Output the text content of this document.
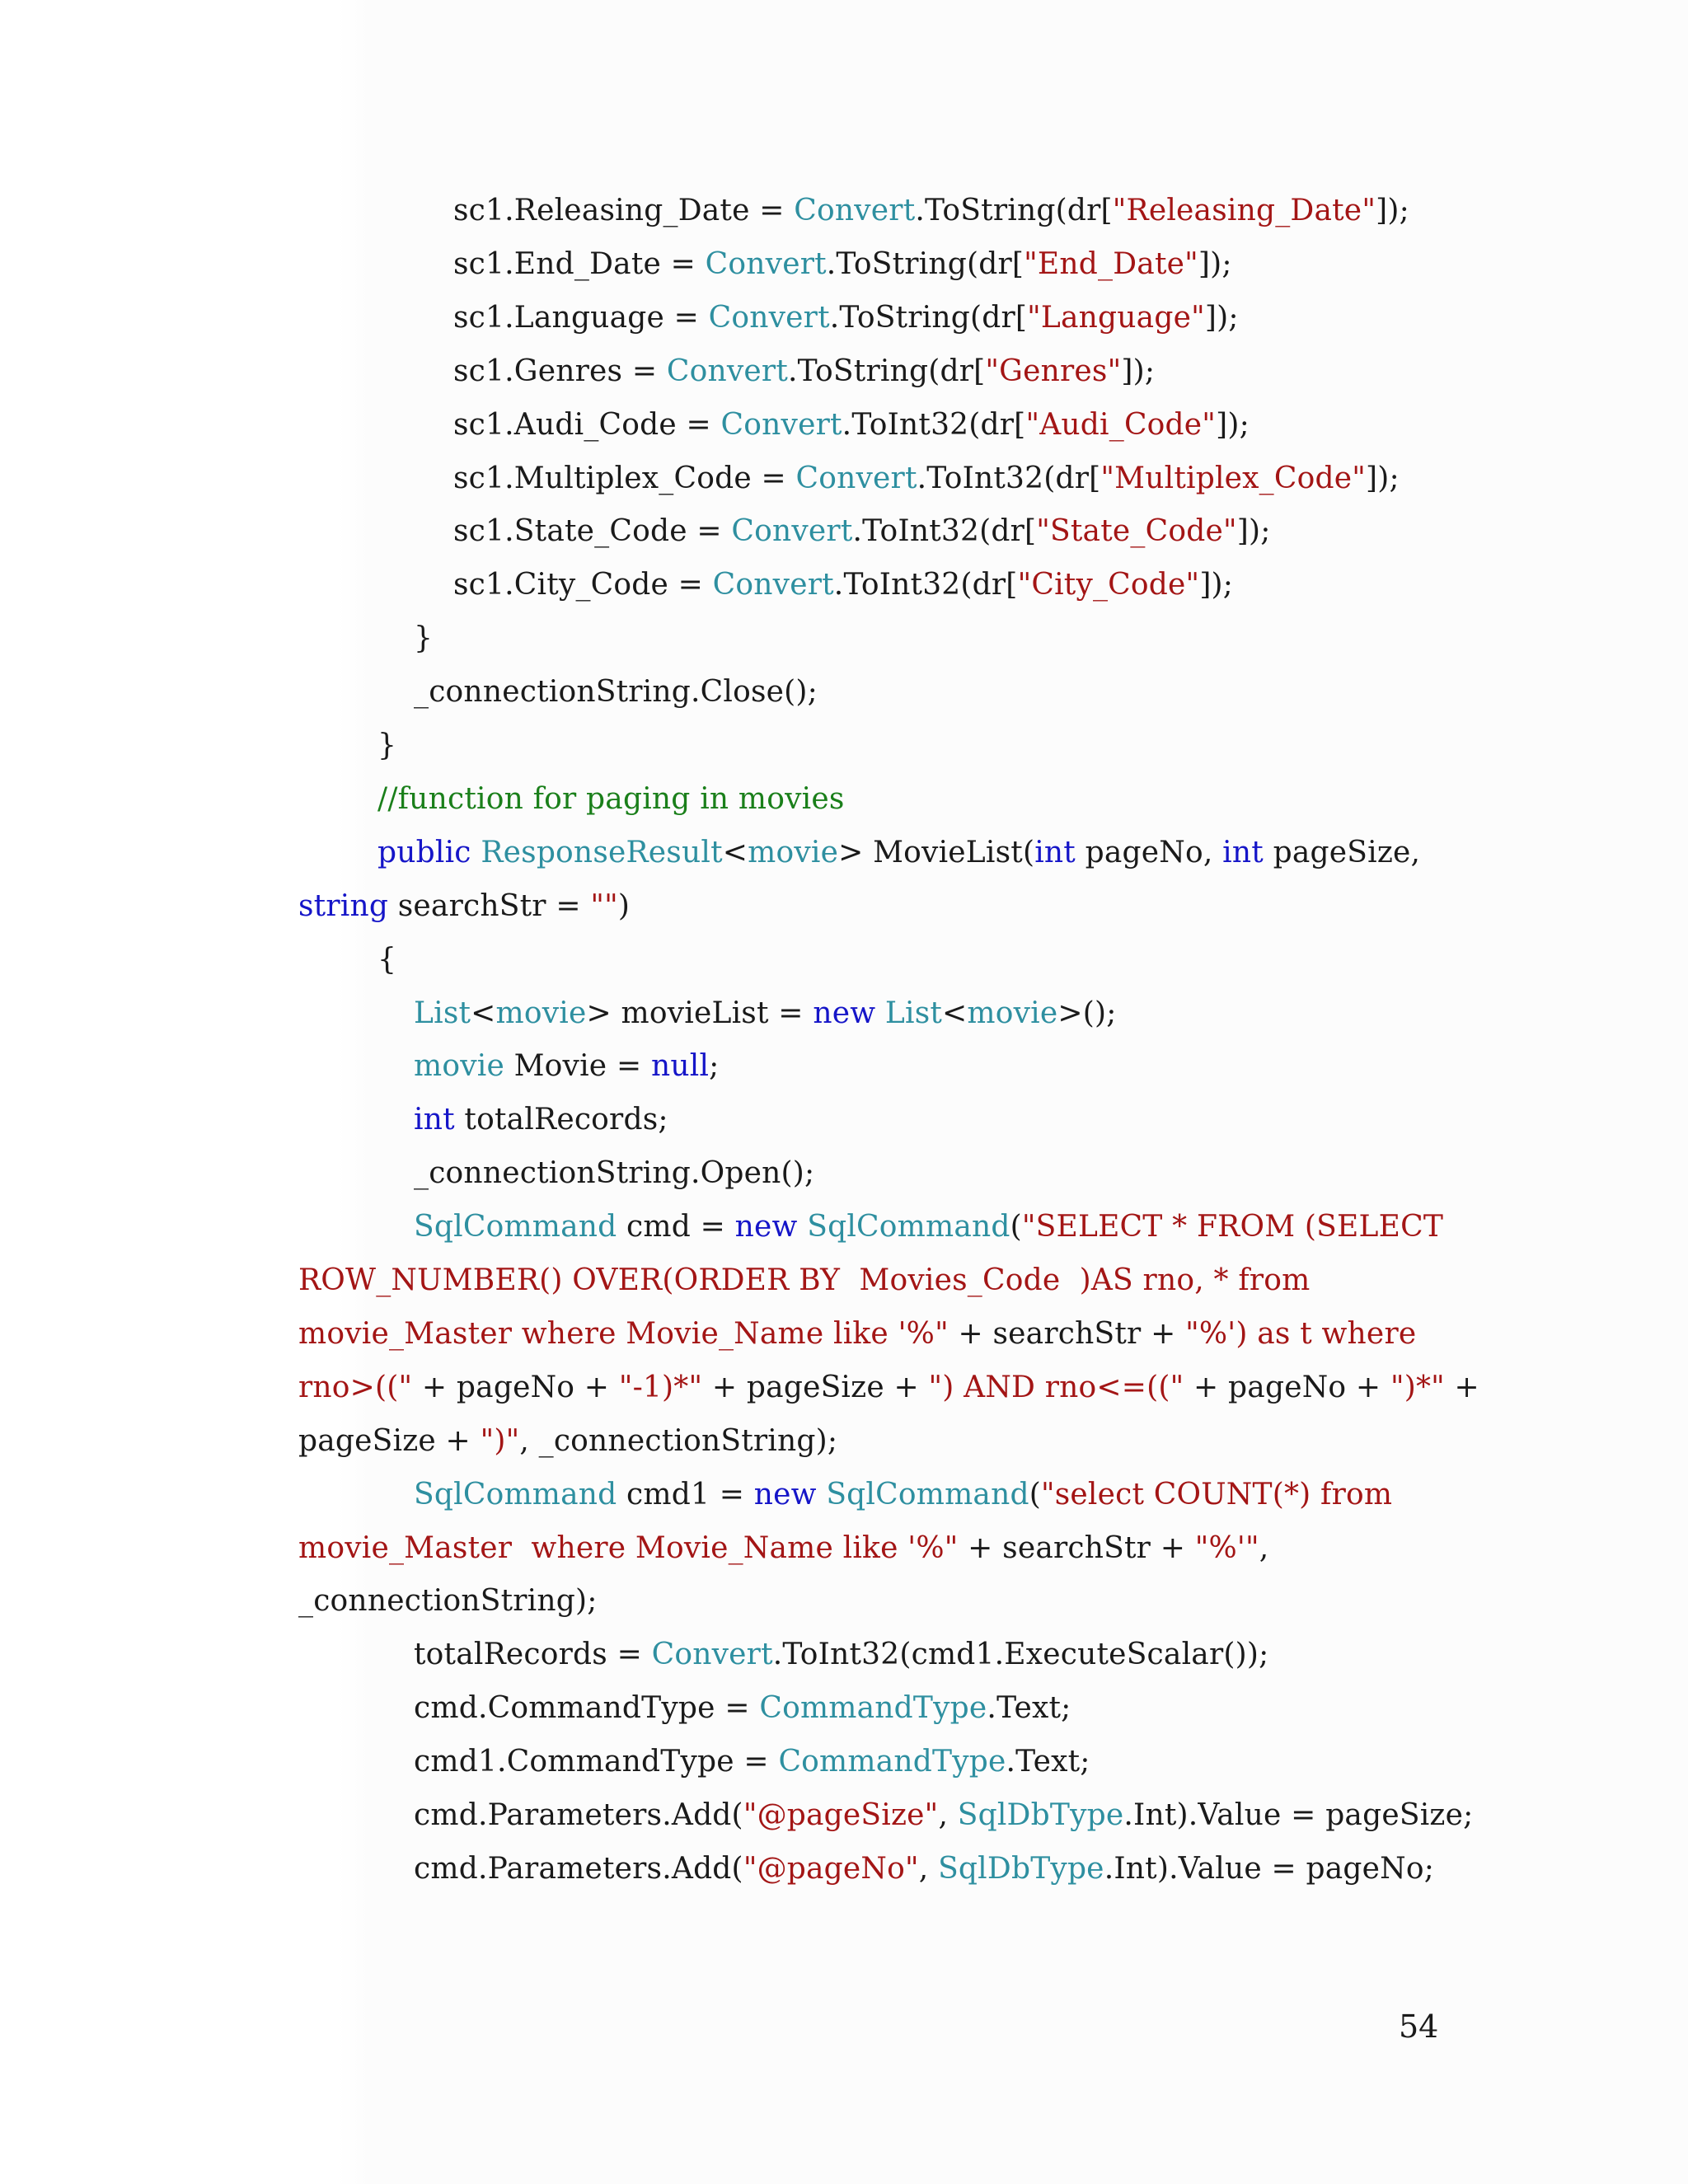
sc1.Releasing_Date = Convert.ToString(dr["Releasing_Date"]);
sc1.End_Date = Convert.ToString(dr["End_Date"]);
sc1.Language = Convert.ToString(dr["Language"]);
sc1.Genres = Convert.ToString(dr["Genres"]);
sc1.Audi_Code = Convert.ToInt32(dr["Audi_Code"]);
sc1.Multiplex_Code = Convert.ToInt32(dr["Multiplex_Code"]);
sc1.State_Code = Convert.ToInt32(dr["State_Code"]);
sc1.City_Code = Convert.ToInt32(dr["City_Code"]);
}
_connectionString.Close();
}
//function for paging in movies
public ResponseResult<movie> MovieList(int pageNo, int pageSize,
string searchStr = "")
{
List<movie> movieList = new List<movie>();
movie Movie = null;
int totalRecords;
_connectionString.Open();
SqlCommand cmd = new SqlCommand("SELECT * FROM (SELECT
ROW_NUMBER() OVER(ORDER BY  Movies_Code  )AS rno, * from
movie_Master where Movie_Name like '%" + searchStr + "%') as t where
rno>((" + pageNo + "-1)*" + pageSize + ") AND rno<=((" + pageNo + ")*" +
pageSize + ")", _connectionString);
SqlCommand cmd1 = new SqlCommand("select COUNT(*) from
movie_Master  where Movie_Name like '%" + searchStr + "%'",
_connectionString);
totalRecords = Convert.ToInt32(cmd1.ExecuteScalar());
cmd.CommandType = CommandType.Text;
cmd1.CommandType = CommandType.Text;
cmd.Parameters.Add("@pageSize", SqlDbType.Int).Value = pageSize;
cmd.Parameters.Add("@pageNo", SqlDbType.Int).Value = pageNo;
54
